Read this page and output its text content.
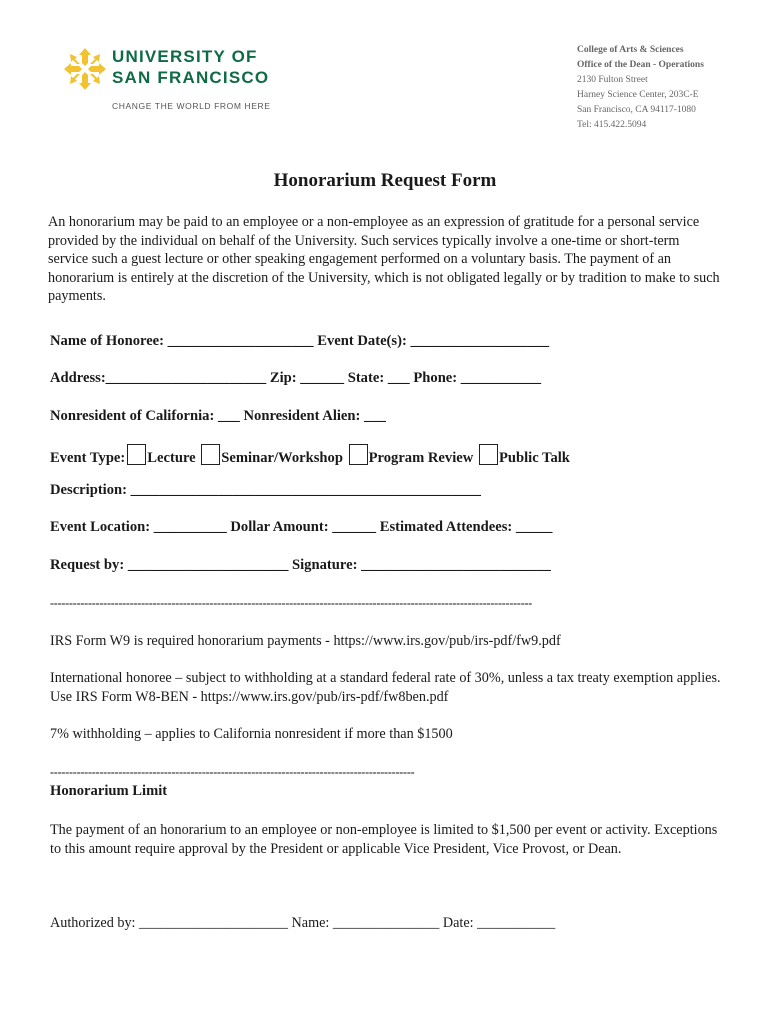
UNIVERSITY OF
SAN FRANCISCO
CHANGE THE WORLD FROM HERE
College of Arts & Sciences
Office of the Dean - Operations
2130 Fulton Street
Harney Science Center, 203C-E
San Francisco, CA 94117-1080
Tel: 415.422.5094
Honorarium Request Form
An honorarium may be paid to an employee or a non-employee as an expression of gratitude for a personal service provided by the individual on behalf of the University. Such services typically involve a one-time or short-term service such a guest lecture or other speaking engagement performed on a voluntary basis. The payment of an honorarium is entirely at the discretion of the University, which is not obligated legally or by tradition to make to such payments.
Name of Honoree: ____________________ Event Date(s): ___________________
Address:______________________ Zip: ______ State: ___ Phone: ___________
Nonresident of California: ___ Nonresident Alien: ___
Event Type: Lecture Seminar/Workshop Program Review Public Talk
Description: ________________________________________________
Event Location: __________ Dollar Amount: ______ Estimated Attendees: _____
Request by: ______________________ Signature: __________________________
-------------------------------------------------------------------------------------------------------------------------------
IRS Form W9 is required honorarium payments - https://www.irs.gov/pub/irs-pdf/fw9.pdf
International honoree – subject to withholding at a standard federal rate of 30%, unless a tax treaty exemption applies. Use IRS Form W8-BEN - https://www.irs.gov/pub/irs-pdf/fw8ben.pdf
7% withholding – applies to California nonresident if more than $1500
------------------------------------------------------------------------------------------------
Honorarium Limit
The payment of an honorarium to an employee or non-employee is limited to $1,500 per event or activity. Exceptions to this amount require approval by the President or applicable Vice President, Vice Provost, or Dean.
Authorized by: _____________________ Name: _______________ Date: ___________
